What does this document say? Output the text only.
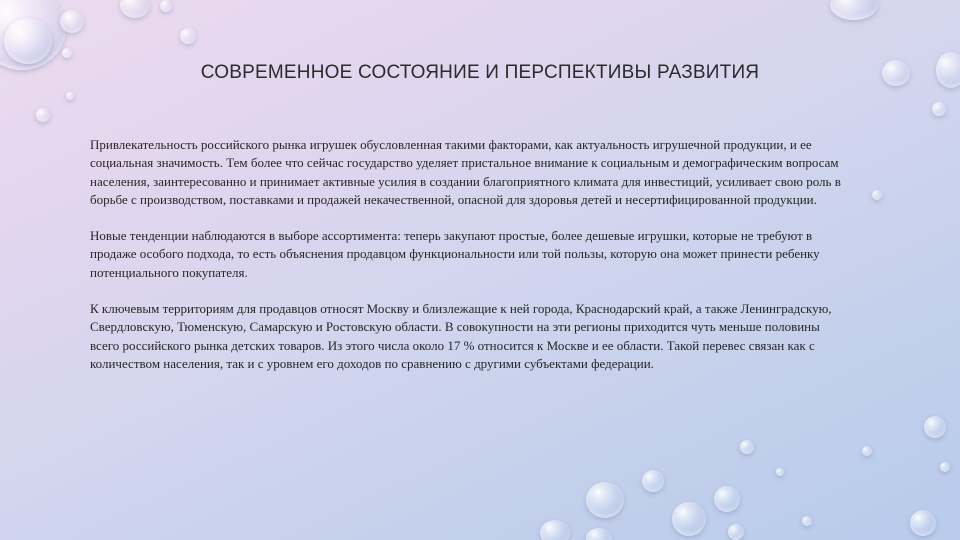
СОВРЕМЕННОЕ СОСТОЯНИЕ И ПЕРСПЕКТИВЫ РАЗВИТИЯ

Привлекательность российского рынка игрушек обусловленная такими факторами, как актуальность игрушечной продукции, и ее социальная значимость. Тем более что сейчас государство уделяет пристальное внимание к социальным и демографическим вопросам населения, заинтересованно и принимает активные усилия в создании благоприятного климата для инвестиций, усиливает свою роль в борьбе с производством, поставками и продажей некачественной, опасной для здоровья детей и несертифицированной продукции.

Новые тенденции наблюдаются в выборе ассортимента: теперь закупают простые, более дешевые игрушки, которые не требуют в продаже особого подхода, то есть объяснения продавцом функциональности или той пользы, которую она может принести ребенку потенциального покупателя.

К ключевым территориям для продавцов относят Москву и близлежащие к ней города, Краснодарский край, а также Ленинградскую, Свердловскую, Тюменскую, Самарскую и Ростовскую области. В совокупности на эти регионы приходится чуть меньше половины всего российского рынка детских товаров. Из этого числа около 17 % относится к Москве и ее области. Такой перевес связан как с количеством населения, так и с уровнем его доходов по сравнению с другими субъектами федерации.
